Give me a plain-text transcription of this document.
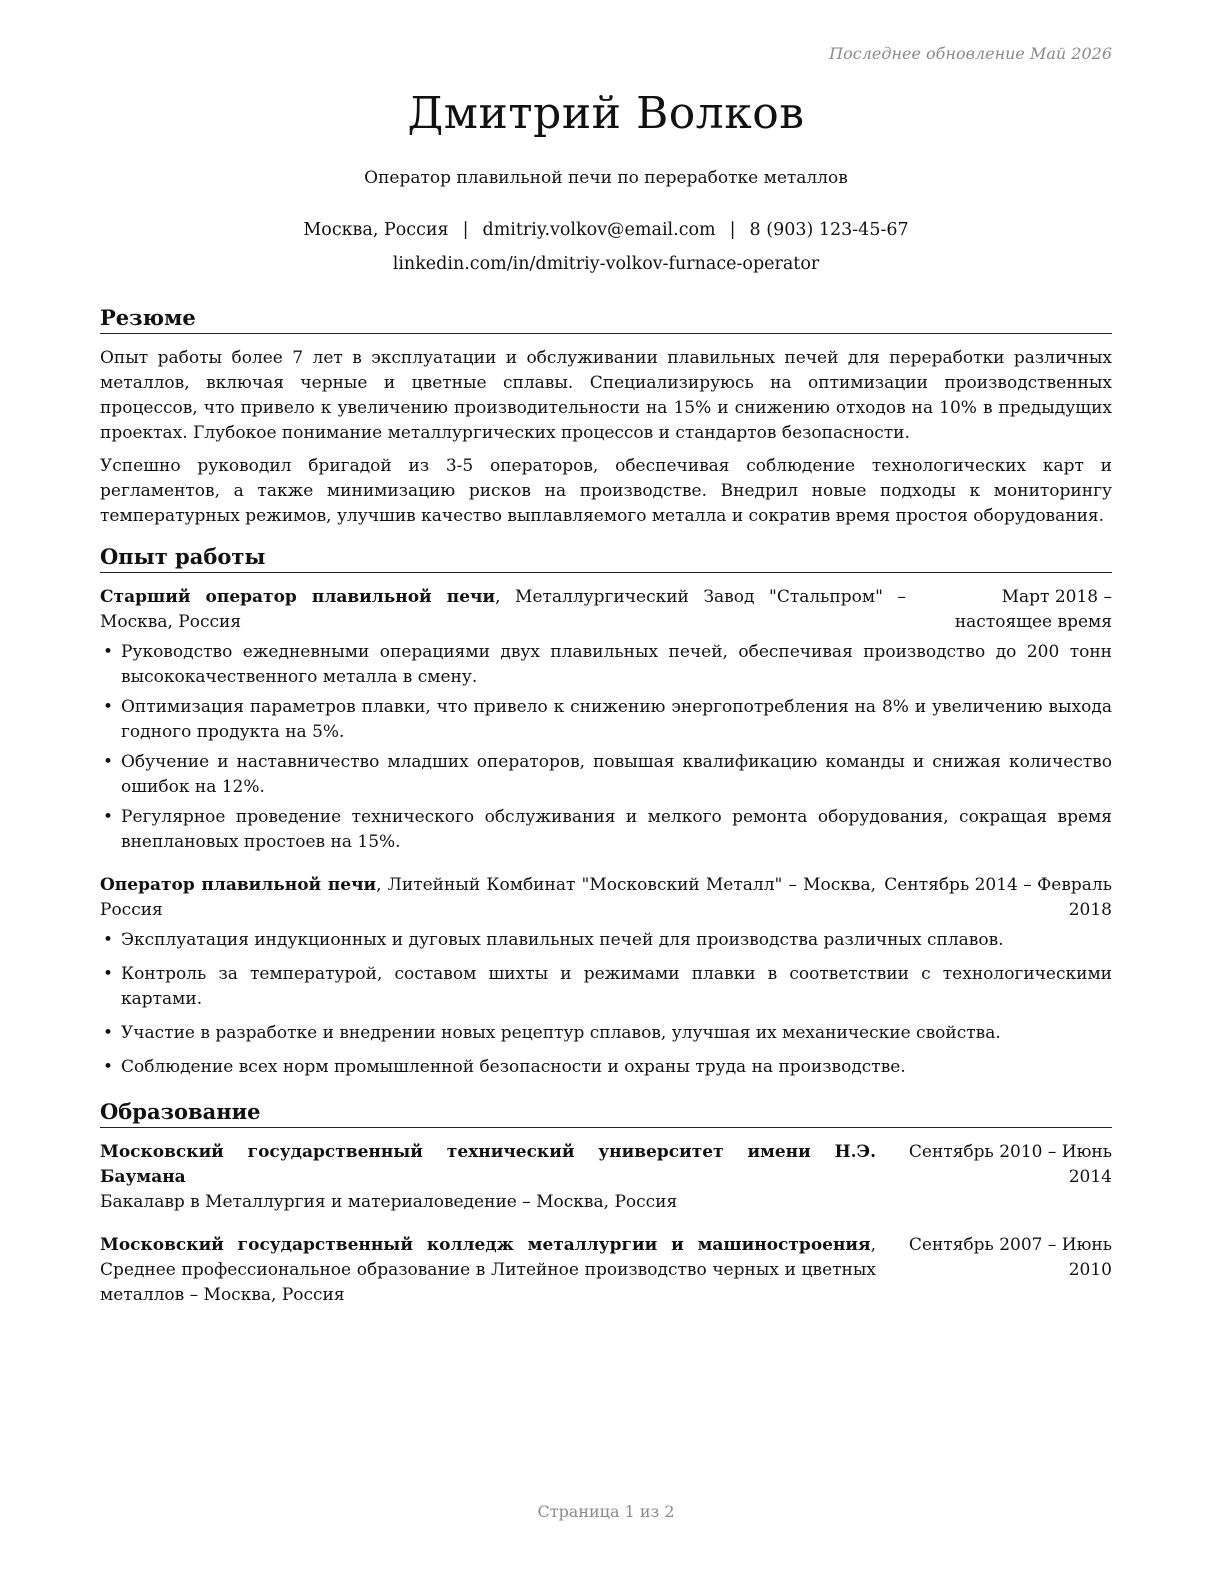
Последнее обновление Май 2026
Дмитрий Волков
Оператор плавильной печи по переработке металлов
Москва, Россия | dmitriy.volkov@email.com | 8 (903) 123-45-67
linkedin.com/in/dmitriy-volkov-furnace-operator
Резюме

Опыт работы более 7 лет в эксплуатации и обслуживании плавильных печей для переработки различных металлов, включая черные и цветные сплавы. Специализируюсь на оптимизации производственных процессов, что привело к увеличению производительности на 15% и снижению отходов на 10% в предыдущих проектах. Глубокое понимание металлургических процессов и стандартов безопасности.

Успешно руководил бригадой из 3-5 операторов, обеспечивая соблюдение технологических карт и регламентов, а также минимизацию рисков на производстве. Внедрил новые подходы к мониторингу температурных режимов, улучшив качество выплавляемого металла и сократив время простоя оборудования.

Опыт работы
Старший оператор плавильной печи, Металлургический Завод "Стальпром" – Москва, Россия
Март 2018 – настоящее время
• Руководство ежедневными операциями двух плавильных печей, обеспечивая производство до 200 тонн высококачественного металла в смену.
• Оптимизация параметров плавки, что привело к снижению энергопотребления на 8% и увеличению выхода годного продукта на 5%.
• Обучение и наставничество младших операторов, повышая квалификацию команды и снижая количество ошибок на 12%.
• Регулярное проведение технического обслуживания и мелкого ремонта оборудования, сокращая время внеплановых простоев на 15%.
Оператор плавильной печи, Литейный Комбинат "Московский Металл" – Москва, Россия
Сентябрь 2014 – Февраль 2018
• Эксплуатация индукционных и дуговых плавильных печей для производства различных сплавов.
• Контроль за температурой, составом шихты и режимами плавки в соответствии с технологическими картами.
• Участие в разработке и внедрении новых рецептур сплавов, улучшая их механические свойства.
• Соблюдение всех норм промышленной безопасности и охраны труда на производстве.
Образование
Московский государственный технический университет имени Н.Э. Баумана
Бакалавр в Металлургия и материаловедение – Москва, Россия
Сентябрь 2010 – Июнь 2014
Московский государственный колледж металлургии и машиностроения, Среднее профессиональное образование в Литейное производство черных и цветных металлов – Москва, Россия
Сентябрь 2007 – Июнь 2010
Страница 1 из 2
